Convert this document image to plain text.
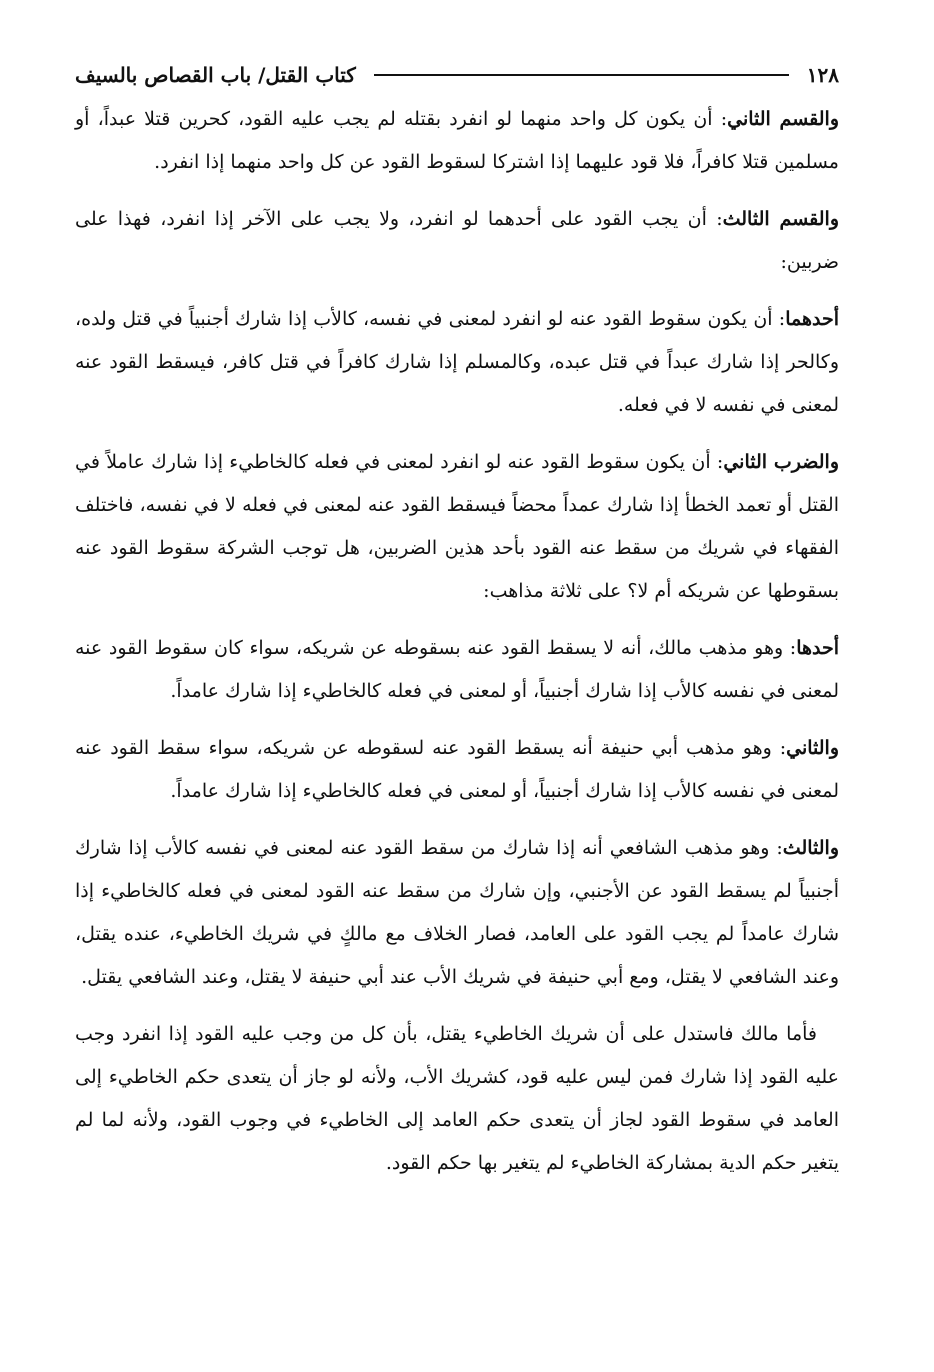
١٢٨
كتاب القتل/ باب القصاص بالسيف

والقسم الثاني: أن يكون كل واحد منهما لو انفرد بقتله لم يجب عليه القود، كحرين قتلا عبداً، أو مسلمين قتلا كافراً، فلا قود عليهما إذا اشتركا لسقوط القود عن كل واحد منهما إذا انفرد.

والقسم الثالث: أن يجب القود على أحدهما لو انفرد، ولا يجب على الآخر إذا انفرد، فهذا على ضربين:

أحدهما: أن يكون سقوط القود عنه لو انفرد لمعنى في نفسه، كالأب إذا شارك أجنبياً في قتل ولده، وكالحر إذا شارك عبداً في قتل عبده، وكالمسلم إذا شارك كافراً في قتل كافر، فيسقط القود عنه لمعنى في نفسه لا في فعله.

والضرب الثاني: أن يكون سقوط القود عنه لو انفرد لمعنى في فعله كالخاطيء إذا شارك عاملاً في القتل أو تعمد الخطأ إذا شارك عمداً محضاً فيسقط القود عنه لمعنى في فعله لا في نفسه، فاختلف الفقهاء في شريك من سقط عنه القود بأحد هذين الضربين، هل توجب الشركة سقوط القود عنه بسقوطها عن شريكه أم لا؟ على ثلاثة مذاهب:

أحدها: وهو مذهب مالك، أنه لا يسقط القود عنه بسقوطه عن شريكه، سواء كان سقوط القود عنه لمعنى في نفسه كالأب إذا شارك أجنبياً، أو لمعنى في فعله كالخاطيء إذا شارك عامداً.

والثاني: وهو مذهب أبي حنيفة أنه يسقط القود عنه لسقوطه عن شريكه، سواء سقط القود عنه لمعنى في نفسه كالأب إذا شارك أجنبياً، أو لمعنى في فعله كالخاطيء إذا شارك عامداً.

والثالث: وهو مذهب الشافعي أنه إذا شارك من سقط القود عنه لمعنى في نفسه كالأب إذا شارك أجنبياً لم يسقط القود عن الأجنبي، وإن شارك من سقط عنه القود لمعنى في فعله كالخاطيء إذا شارك عامداً لم يجب القود على العامد، فصار الخلاف مع مالكٍ في شريك الخاطيء، عنده يقتل، وعند الشافعي لا يقتل، ومع أبي حنيفة في شريك الأب عند أبي حنيفة لا يقتل، وعند الشافعي يقتل.

فأما مالك فاستدل على أن شريك الخاطيء يقتل، بأن كل من وجب عليه القود إذا انفرد وجب عليه القود إذا شارك فمن ليس عليه قود، كشريك الأب، ولأنه لو جاز أن يتعدى حكم الخاطيء إلى العامد في سقوط القود لجاز أن يتعدى حكم العامد إلى الخاطيء في وجوب القود، ولأنه لما لم يتغير حكم الدية بمشاركة الخاطيء لم يتغير بها حكم القود.
